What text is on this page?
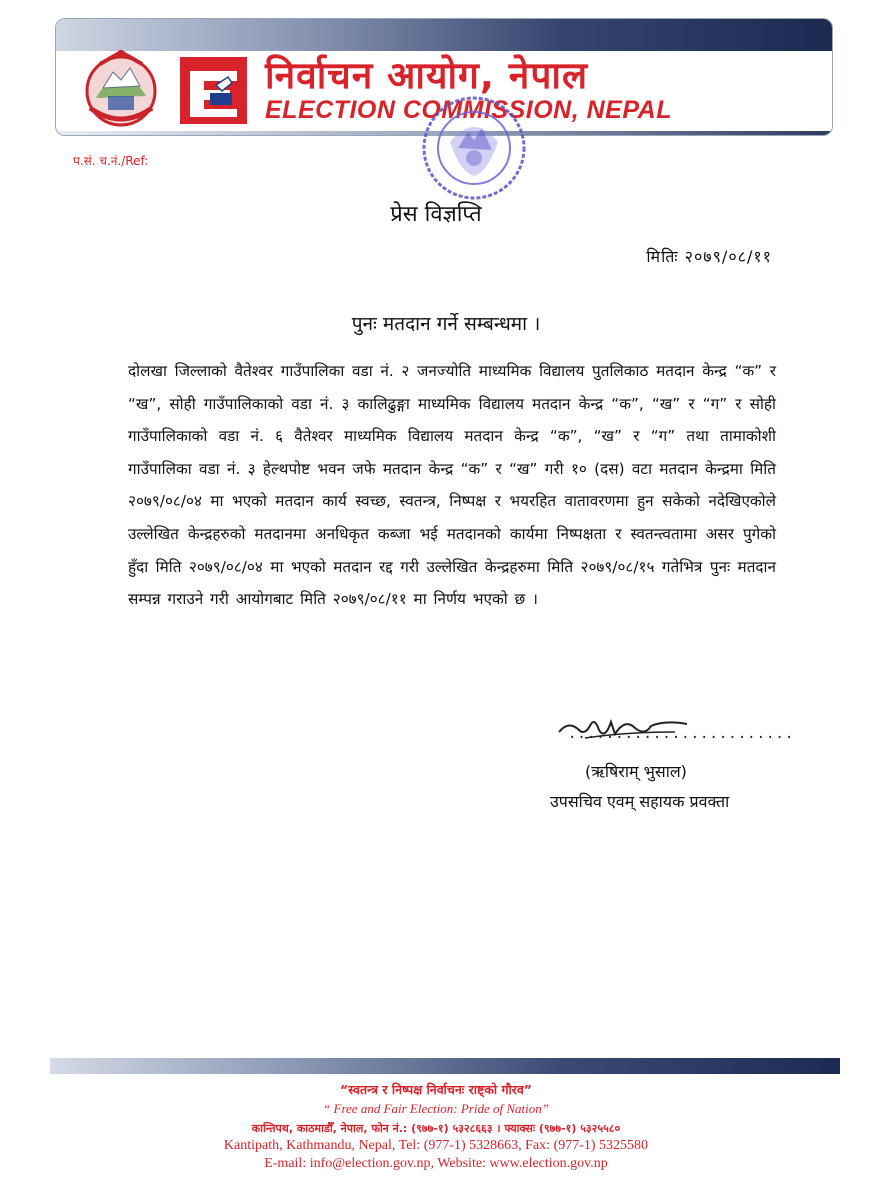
निर्वाचन आयोग, नेपाल
ELECTION COMMISSION, NEPAL
प.सं. च.नं./Ref:
प्रेस विज्ञप्ति
मितिः २०७९/०८/११
पुनः मतदान गर्ने सम्बन्धमा ।
दोलखा जिल्लाको वैतेश्वर गाउँपालिका वडा नं. २ जनज्योति माध्यमिक विद्यालय पुतलिकाठ मतदान केन्द्र “क” र “ख”, सोही गाउँपालिकाको वडा नं. ३ कालिढुङ्गा माध्यमिक विद्यालय मतदान केन्द्र “क”, “ख” र “ग” र सोही गाउँपालिकाको वडा नं. ६ वैतेश्वर माध्यमिक विद्यालय मतदान केन्द्र “क”, “ख” र “ग” तथा तामाकोशी गाउँपालिका वडा नं. ३ हेल्थपोष्ट भवन जफे मतदान केन्द्र “क” र “ख” गरी १० (दस) वटा मतदान केन्द्रमा मिति २०७९/०८/०४ मा भएको मतदान कार्य स्वच्छ, स्वतन्त्र, निष्पक्ष र भयरहित वातावरणमा हुन सकेको नदेखिएकोले उल्लेखित केन्द्रहरुको मतदानमा अनधिकृत कब्जा भई मतदानको कार्यमा निष्पक्षता र स्वतन्त्वतामा असर पुगेको हुँदा मिति २०७९/०८/०४ मा भएको मतदान रद्द गरी उल्लेखित केन्द्रहरुमा मिति २०७९/०८/१५ गतेभित्र पुनः मतदान सम्पन्न गराउने गरी आयोगबाट मिति २०७९/०८/११ मा निर्णय भएको छ ।
........................
(ऋषिराम् भुसाल)
उपसचिव एवम् सहायक प्रवक्ता
“स्वतन्त्र र निष्पक्ष निर्वाचनः राष्ट्को गौरव”
“ Free and Fair Election: Pride of Nation”
कान्तिपथ, काठमाडौँ, नेपाल, फोन नं.: (९७७-१) ५३२८६६३ । फ्याक्सः (९७७-१) ५३२५५८०
Kantipath, Kathmandu, Nepal, Tel: (977-1) 5328663, Fax: (977-1) 5325580
E-mail: info@election.gov.np, Website: www.election.gov.np
